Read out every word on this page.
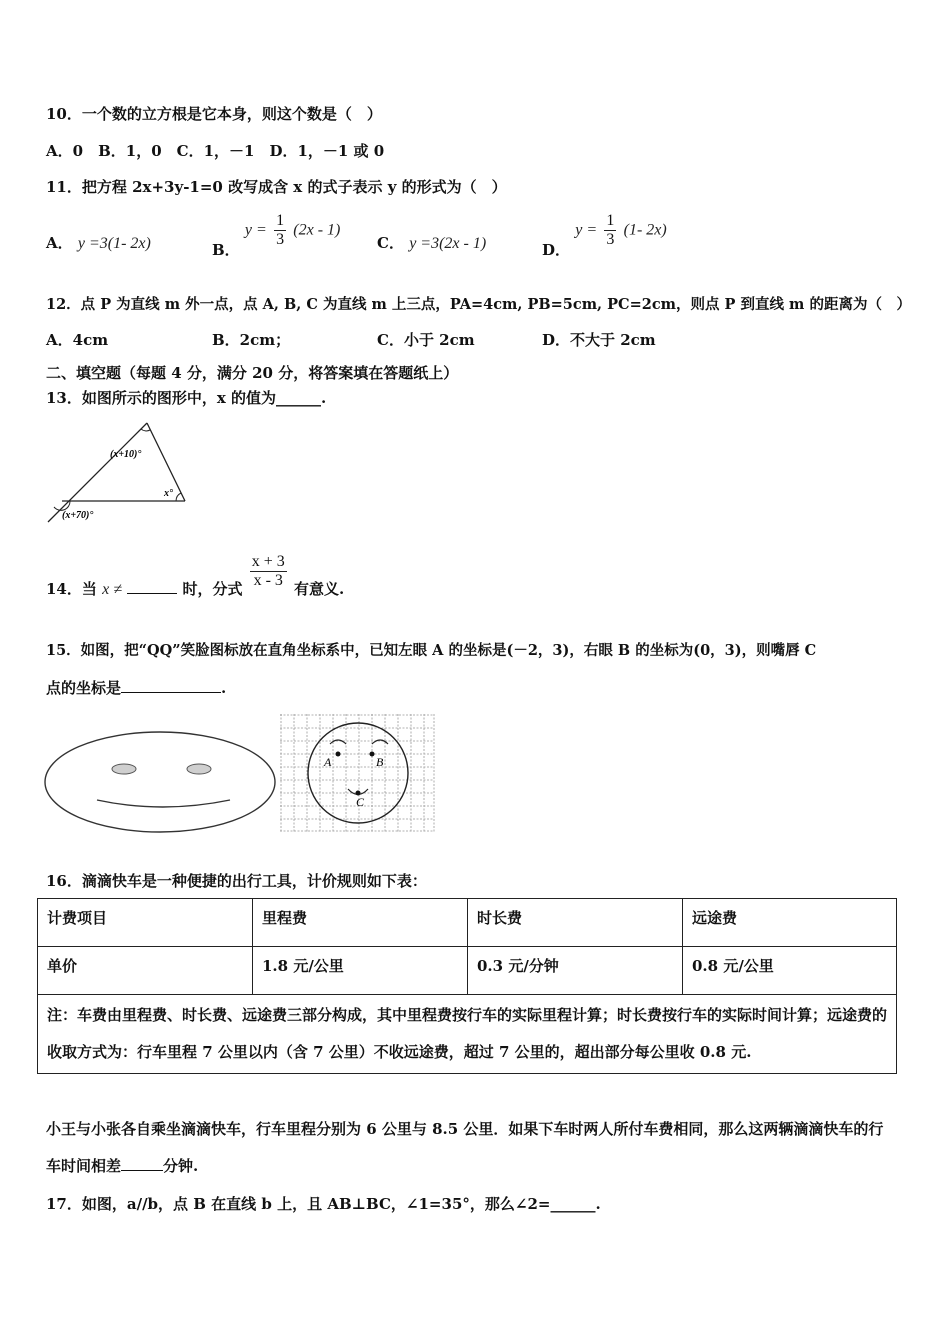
10．一个数的立方根是它本身，则这个数是（　）
A．0　B．1，0　C．1，－1　D．1，－1 或 0
11．把方程 2x+3y-1=0 改写成含 x 的式子表示 y 的形式为（　）
A． y =3(1- 2x)	B． $y = \frac{1}{3} (2x - 1)$
C． y =3(2x - 1)	D． $y = \frac{1}{3} (1-$ 2x)
12．点 P 为直线 m 外一点，点 A, B, C 为直线 m 上三点，PA=4cm, PB=5cm, PC=2cm，则点 P 到直线 m 的距离为（　）
A．4cm	B．2cm；	C．小于 2cm	D．不大于 2cm
二、填空题（每题 4 分，满分 20 分，将答案填在答题纸上）
13．如图所示的图形中，x 的值为______.
(x+10)°
x°
(x+70)°
14．当 x ≠	时，分式 $\frac{x + 3}{x - 3}$ 有意义.
15．如图，把“QQ”笑脸图标放在直角坐标系中，已知左眼 A 的坐标是(－2，3)，右眼 B 的坐标为(0，3)，则嘴唇 C
点的坐标是	.
A	B
C
16．滴滴快车是一种便捷的出行工具，计价规则如下表：
计费项目	里程费	时长费	远途费
单价	1.8 元/公里	0.3 元/分钟	0.8 元/公里
注：车费由里程费、时长费、远途费三部分构成，其中里程费按行车的实际里程计算；时长费按行车的实际时间计算；远途费的收取方式为：行车里程 7 公里以内（含 7 公里）不收远途费，超过 7 公里的，超出部分每公里收 0.8 元.			
小王与小张各自乘坐滴滴快车，行车里程分别为 6 公里与 8.5 公里．如果下车时两人所付车费相同，那么这两辆滴滴快车的行车时间相差	分钟.
17．如图，a//b，点 B 在直线 b 上，且 AB⊥BC，∠1=35°，那么∠2=______.
